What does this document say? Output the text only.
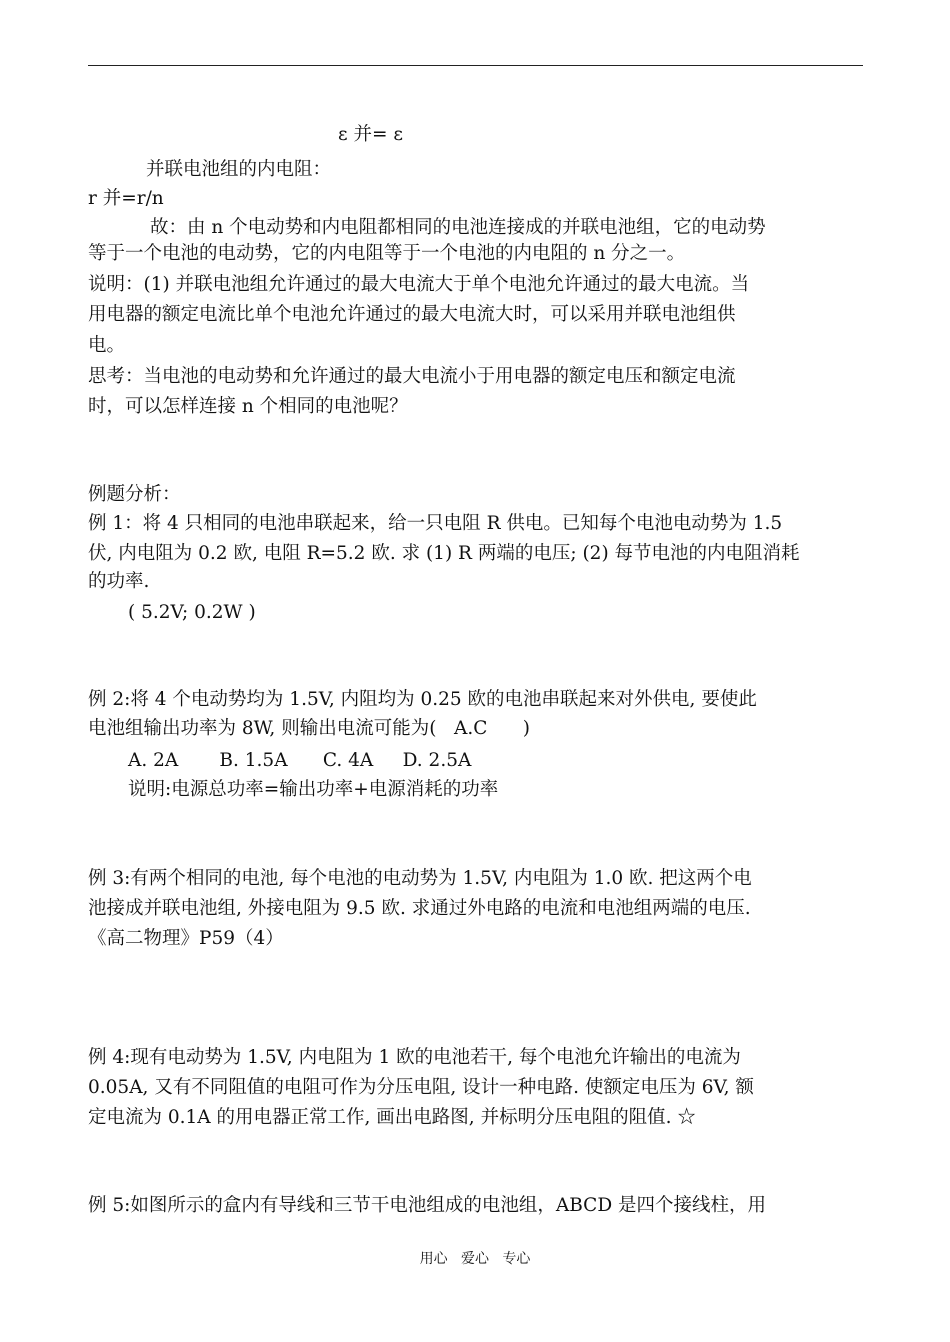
ε 并= ε
并联电池组的内电阻：
r 并=r/n
故：由 n 个电动势和内电阻都相同的电池连接成的并联电池组，它的电动势
等于一个电池的电动势，它的内电阻等于一个电池的内电阻的 n 分之一。
说明：(1) 并联电池组允许通过的最大电流大于单个电池允许通过的最大电流。当
用电器的额定电流比单个电池允许通过的最大电流大时，可以采用并联电池组供
电。
思考：当电池的电动势和允许通过的最大电流小于用电器的额定电压和额定电流
时，可以怎样连接 n 个相同的电池呢？
例题分析：
例 1：将 4 只相同的电池串联起来，给一只电阻 R 供电。已知每个电池电动势为 1.5
伏, 内电阻为 0.2 欧, 电阻 R=5.2 欧. 求 (1) R 两端的电压; (2) 每节电池的内电阻消耗
的功率.
( 5.2V; 0.2W )
例 2:将 4 个电动势均为 1.5V, 内阻均为 0.25 欧的电池串联起来对外供电, 要使此
电池组输出功率为 8W, 则输出电流可能为(   A.C      )
A. 2A       B. 1.5A      C. 4A     D. 2.5A
说明:电源总功率=输出功率+电源消耗的功率
例 3:有两个相同的电池, 每个电池的电动势为 1.5V, 内电阻为 1.0 欧. 把这两个电
池接成并联电池组, 外接电阻为 9.5 欧. 求通过外电路的电流和电池组两端的电压.
《高二物理》P59（4）
例 4:现有电动势为 1.5V, 内电阻为 1 欧的电池若干, 每个电池允许输出的电流为
0.05A, 又有不同阻值的电阻可作为分压电阻, 设计一种电路. 使额定电压为 6V, 额
定电流为 0.1A 的用电器正常工作, 画出电路图, 并标明分压电阻的阻值. ☆
例 5:如图所示的盒内有导线和三节干电池组成的电池组，ABCD 是四个接线柱，用
用心   爱心   专心
